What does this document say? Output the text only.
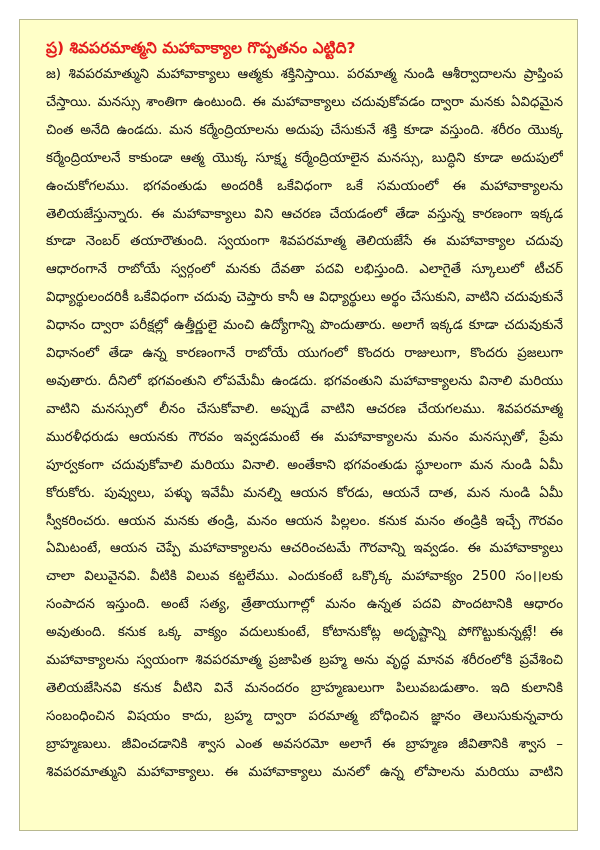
ప్ర) శివపరమాత్మని మహావాక్యాల గొప్పతనం ఎట్టిది?
జ) శివపరమాత్ముని మహావాక్యాలు ఆత్మకు శక్తినిస్తాయి. పరమాత్మ నుండి ఆశీర్వాదాలను ప్రాప్తింప
చేస్తాయి. మనస్సు శాంతిగా ఉంటుంది. ఈ మహావాక్యాలు చదువుకోవడం ద్వారా మనకు ఏవిధమైన
చింత అనేది ఉండదు. మన కర్మేంద్రియాలను అదుపు చేసుకునే శక్తి కూడా వస్తుంది. శరీరం యొక్క
కర్మేంద్రియాలనే కాకుండా ఆత్మ యొక్క సూక్ష్మ కర్మేంద్రియాలైన మనస్సు, బుద్ధిని కూడా అదుపులో
ఉంచుకోగలము. భగవంతుడు అందరికీ ఒకేవిధంగా ఒకే సమయంలో ఈ మహావాక్యాలను
తెలియజేస్తున్నారు. ఈ మహావాక్యాలు విని ఆచరణ చేయడంలో తేడా వస్తున్న కారణంగా ఇక్కడ
కూడా నెంబర్ తయారౌతుంది. స్వయంగా శివపరమాత్మ తెలియజేసే ఈ మహావాక్యాల చదువు
ఆధారంగానే రాబోయే స్వర్గంలో మనకు దేవతా పదవి లభిస్తుంది. ఎలాగైతే స్కూలులో టీచర్
విధ్యార్థులందరికీ ఒకేవిధంగా చదువు చెప్తారు కానీ ఆ విధ్యార్థులు అర్థం చేసుకుని, వాటిని చదువుకునే
విధానం ద్వారా పరీక్షల్లో ఉత్తీర్ణులై మంచి ఉద్యోగాన్ని పొందుతారు. అలాగే ఇక్కడ కూడా చదువుకునే
విధానంలో తేడా ఉన్న కారణంగానే రాబోయే యుగంలో కొందరు రాజులుగా, కొందరు ప్రజలుగా
అవుతారు. దీనిలో భగవంతుని లోపమేమీ ఉండదు. భగవంతుని మహావాక్యాలను వినాలి మరియు
వాటిని మనస్సులో లీనం చేసుకోవాలి. అప్పుడే వాటిని ఆచరణ చేయగలము. శివపరమాత్మ
మురళీధరుడు ఆయనకు గౌరవం ఇవ్వడమంటే ఈ మహావాక్యాలను మనం మనస్సుతో, ప్రేమ
పూర్వకంగా చదువుకోవాలి మరియు వినాలి. అంతేకాని భగవంతుడు స్థూలంగా మన నుండి ఏమీ
కోరుకోరు. పువ్వులు, పళ్ళు ఇవేమీ మనల్ని ఆయన కోరడు, ఆయనే దాత, మన నుండి ఏమీ
స్వీకరించరు. ఆయన మనకు తండ్రి, మనం ఆయన పిల్లలం. కనుక మనం తండ్రికి ఇచ్చే గౌరవం
ఏమిటంటే, ఆయన చెప్పే మహావాక్యాలను ఆచరించటమే గౌరవాన్ని ఇవ్వడం. ఈ మహావాక్యాలు
చాలా విలువైనవి. వీటికి విలువ కట్టలేము. ఎందుకంటే ఒక్కొక్క మహావాక్యం 2500 సం।।లకు
సంపాదన ఇస్తుంది. అంటే సత్య, త్రేతాయుగాల్లో మనం ఉన్నత పదవి పొందటానికి ఆధారం
అవుతుంది. కనుక ఒక్క వాక్యం వదులుకుంటే, కోటానుకోట్ల అదృష్టాన్ని పోగొట్టుకున్నట్లే! ఈ
మహావాక్యాలను స్వయంగా శివపరమాత్మ ప్రజాపిత బ్రహ్మ అను వృద్ధ మానవ శరీరంలోకి ప్రవేశించి
తెలియజేసినవి కనుక వీటిని వినే మనందరం బ్రాహ్మణులుగా పిలువబడుతాం. ఇది కులానికి
సంబంధించిన విషయం కాదు, బ్రహ్మ ద్వారా పరమాత్మ బోధించిన జ్ఞానం తెలుసుకున్నవారు
బ్రాహ్మణులు. జీవించడానికి శ్వాస ఎంత అవసరమో అలాగే ఈ బ్రాహ్మణ జీవితానికి శ్వాస –
శివపరమాత్ముని మహావాక్యాలు. ఈ మహావాక్యాలు మనలో ఉన్న లోపాలను మరియు వాటిని
